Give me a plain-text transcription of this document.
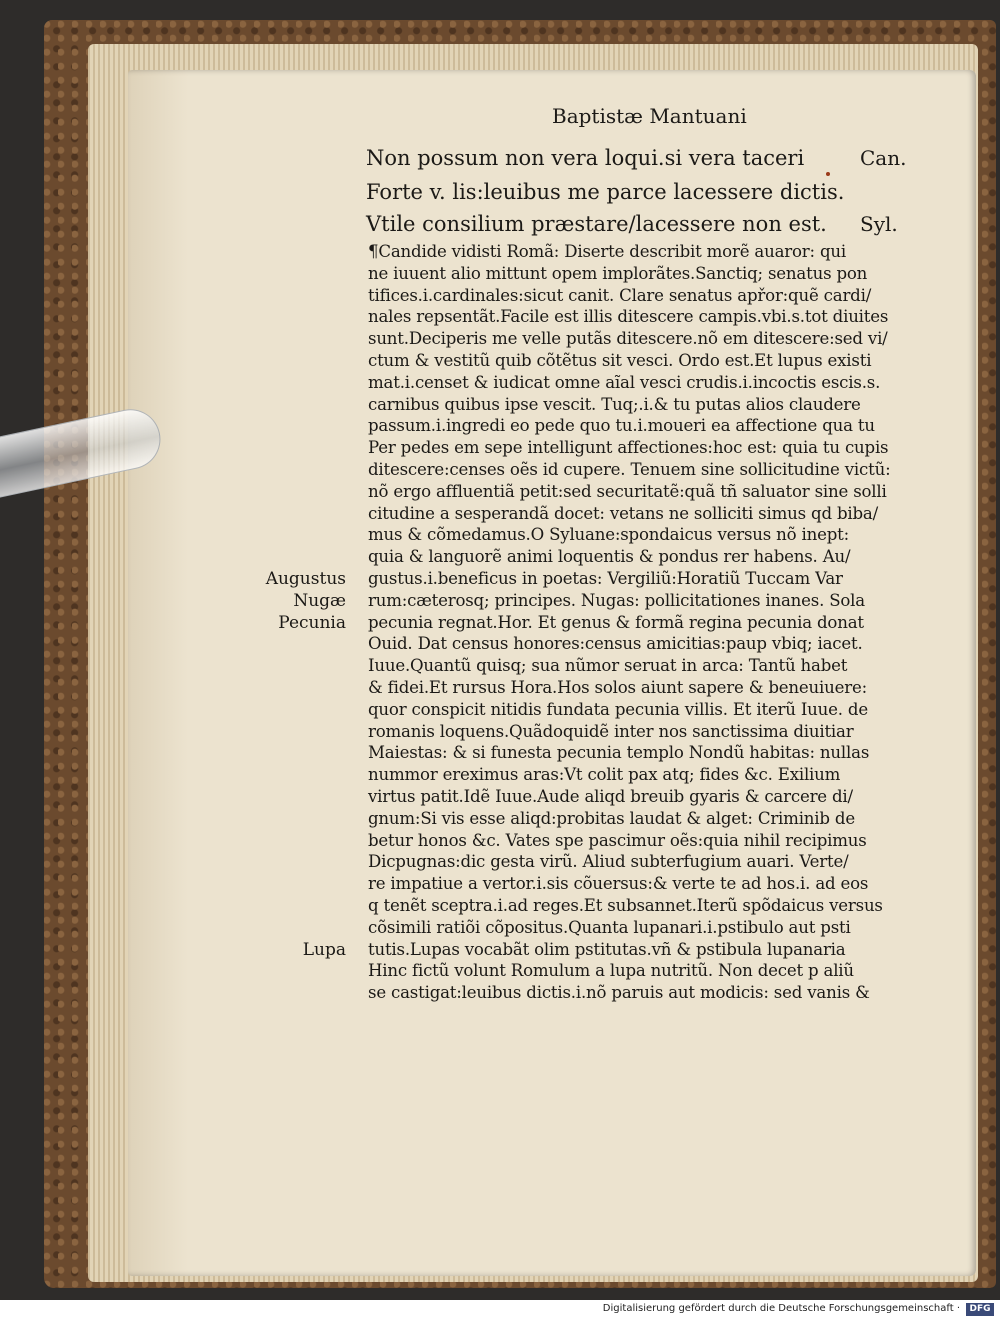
Baptistæ Mantuani
Non possum non vera loqui.si vera taceri	Can.
Forte v. lis:leuibus me parce lacessere dictis.
Vtile consilium præstare/lacessere non est. Syl.
¶Candide vidisti Romã: Diserte describit morẽ auaror: qui
ne iuuent alio mittunt opem implorãtes.Sanctiq; senatus pon
tifices.i.cardinales:sicut canit. Clare senatus apřor:quẽ cardi/
nales repsentãt.Facile est illis ditescere campis.vbi.s.tot diuites
sunt.Deciperis me velle putãs ditescere.nõ em ditescere:sed vi/
ctum & vestitũ quib cõtẽtus sit vesci. Ordo est.Et lupus existi
mat.i.censet & iudicat omne aĩal vesci crudis.i.incoctis escis.s.
carnibus quibus ipse vescit. Tuq;.i.& tu putas alios claudere
passum.i.ingredi eo pede quo tu.i.moueri ea affectione qua tu
Per pedes em sepe intelligunt affectiones:hoc est: quia tu cupis
ditescere:censes oẽs id cupere. Tenuem sine sollicitudine victũ:
nõ ergo affluentiã petit:sed securitatẽ:quã tñ saluator sine solli
citudine a sesperandã docet: vetans ne solliciti simus qd biba/
mus & cõmedamus.O Syluane:spondaicus versus nõ inept:
quia & languorẽ animi loquentis & pondus rer habens. Au/
gustus.i.beneficus in poetas: Vergiliũ:Horatiũ Tuccam Var
rum:cæterosq; principes. Nugas: pollicitationes inanes. Sola
pecunia regnat.Hor. Et genus & formã regina pecunia donat
Ouid. Dat census honores:census amicitias:paup vbiq; iacet.
Iuue.Quantũ quisq; sua nũmor seruat in arca: Tantũ habet
& fidei.Et rursus Hora.Hos solos aiunt sapere & beneuiuere:
quor conspicit nitidis fundata pecunia villis. Et iterũ Iuue. de
romanis loquens.Quãdoquidẽ inter nos sanctissima diuitiar
Maiestas: & si funesta pecunia templo Nondũ habitas: nullas
nummor ereximus aras:Vt colit pax atq; fides &c. Exilium
virtus patit.Idẽ Iuue.Aude aliqd breuib gyaris & carcere di/
gnum:Si vis esse aliqd:probitas laudat & alget: Criminib de
betur honos &c. Vates spe pascimur oẽs:quia nihil recipimus
Dicpugnas:dic gesta virũ. Aliud subterfugium auari. Verte/
re impatiue a vertor.i.sis cõuersus:& verte te ad hos.i. ad eos
q tenẽt sceptra.i.ad reges.Et subsannet.Iterũ spõdaicus versus
cõsimili ratiõi cõpositus.Quanta lupanari.i.pstibulo aut psti
tutis.Lupas vocabãt olim pstitutas.vñ & pstibula lupanaria
Hinc fictũ volunt Romulum a lupa nutritũ. Non decet p aliũ
se castigat:leuibus dictis.i.nõ paruis aut modicis: sed vanis &
Augustus
Nugæ
Pecunia
Lupa
Digitalisierung gefördert durch die Deutsche Forschungsgemeinschaft ·	DFG
